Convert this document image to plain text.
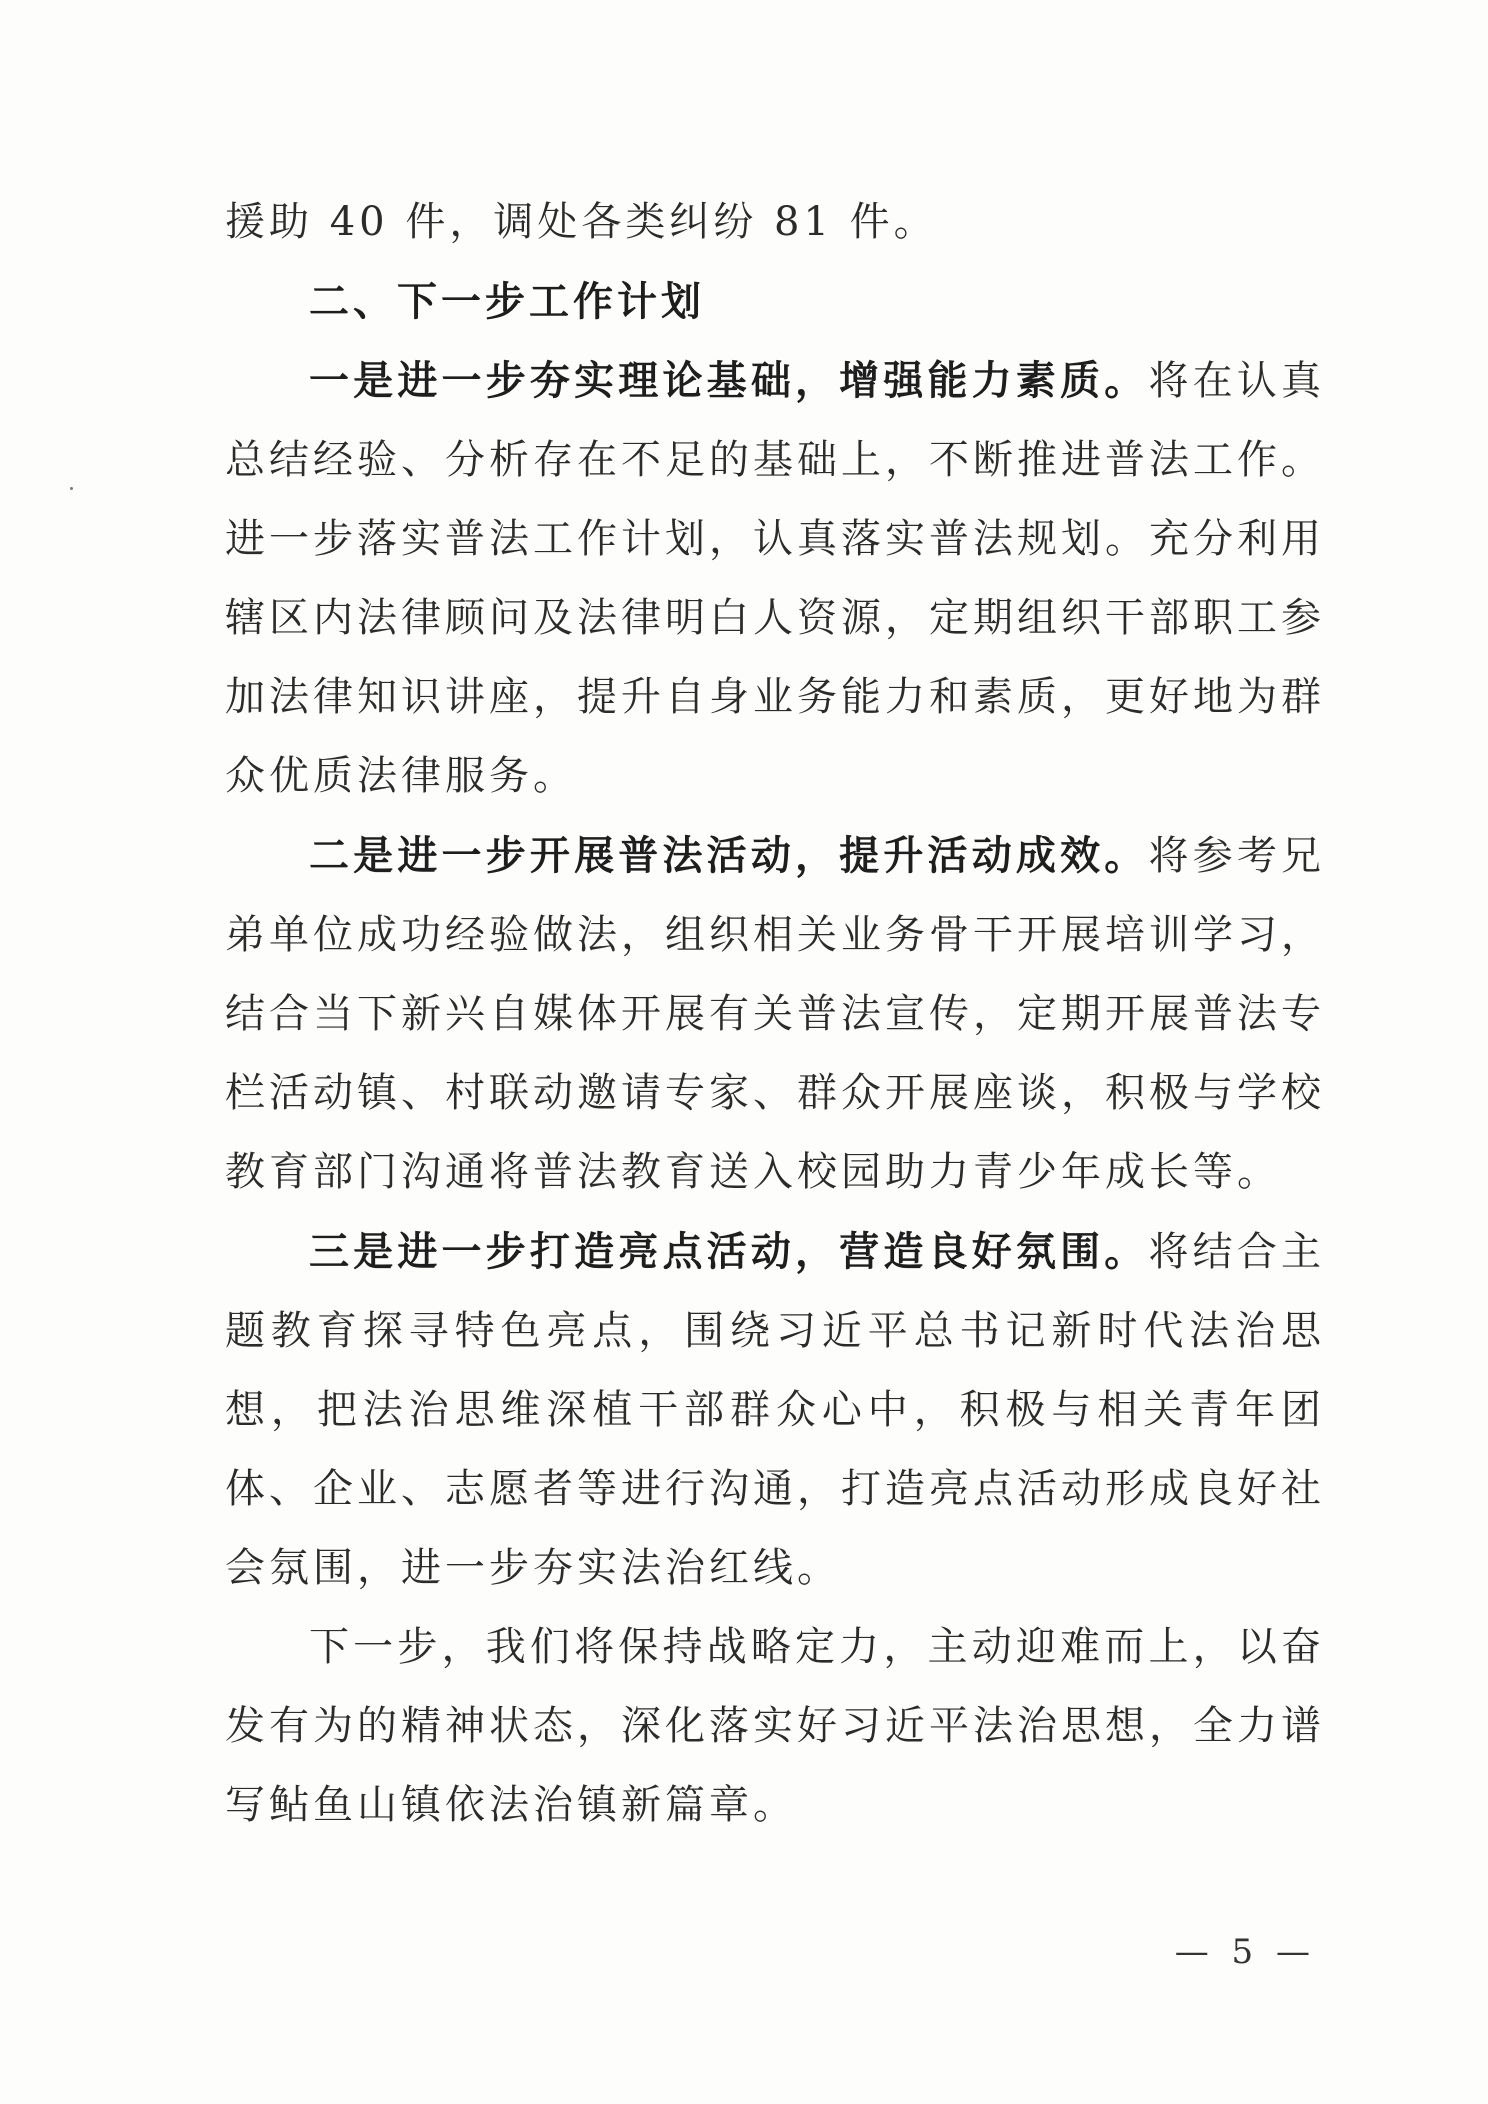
援助 40 件，调处各类纠纷 81 件。

二、下一步工作计划

一是进一步夯实理论基础，增强能力素质。将在认真总结经验、分析存在不足的基础上，不断推进普法工作。进一步落实普法工作计划，认真落实普法规划。充分利用辖区内法律顾问及法律明白人资源，定期组织干部职工参加法律知识讲座，提升自身业务能力和素质，更好地为群众优质法律服务。

二是进一步开展普法活动，提升活动成效。将参考兄弟单位成功经验做法，组织相关业务骨干开展培训学习，结合当下新兴自媒体开展有关普法宣传，定期开展普法专栏活动镇、村联动邀请专家、群众开展座谈，积极与学校教育部门沟通将普法教育送入校园助力青少年成长等。

三是进一步打造亮点活动，营造良好氛围。将结合主题教育探寻特色亮点，围绕习近平总书记新时代法治思想，把法治思维深植干部群众心中，积极与相关青年团体、企业、志愿者等进行沟通，打造亮点活动形成良好社会氛围，进一步夯实法治红线。

下一步，我们将保持战略定力，主动迎难而上，以奋发有为的精神状态，深化落实好习近平法治思想，全力谱写鲇鱼山镇依法治镇新篇章。

— 5 —
